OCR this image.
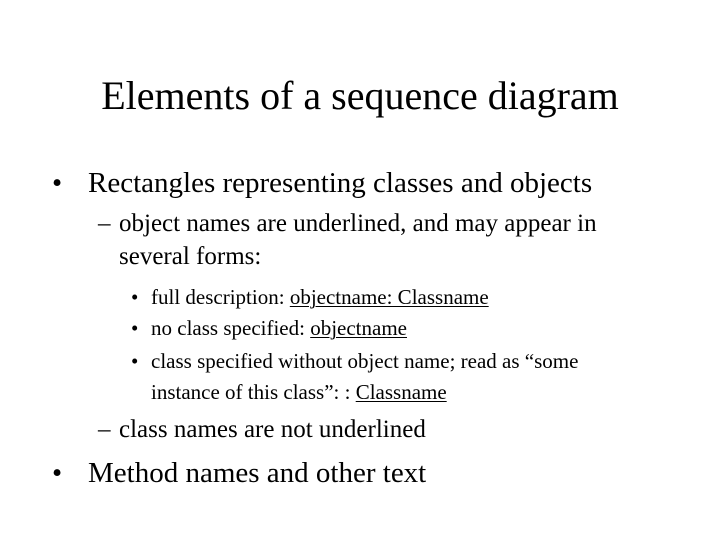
Elements of a sequence diagram
• Rectangles representing classes and objects
– object names are underlined, and may appear in
several forms:
• full description: objectname: Classname
• no class specified: objectname
• class specified without object name; read as “some
instance of this class”: : Classname
– class names are not underlined
• Method names and other text
